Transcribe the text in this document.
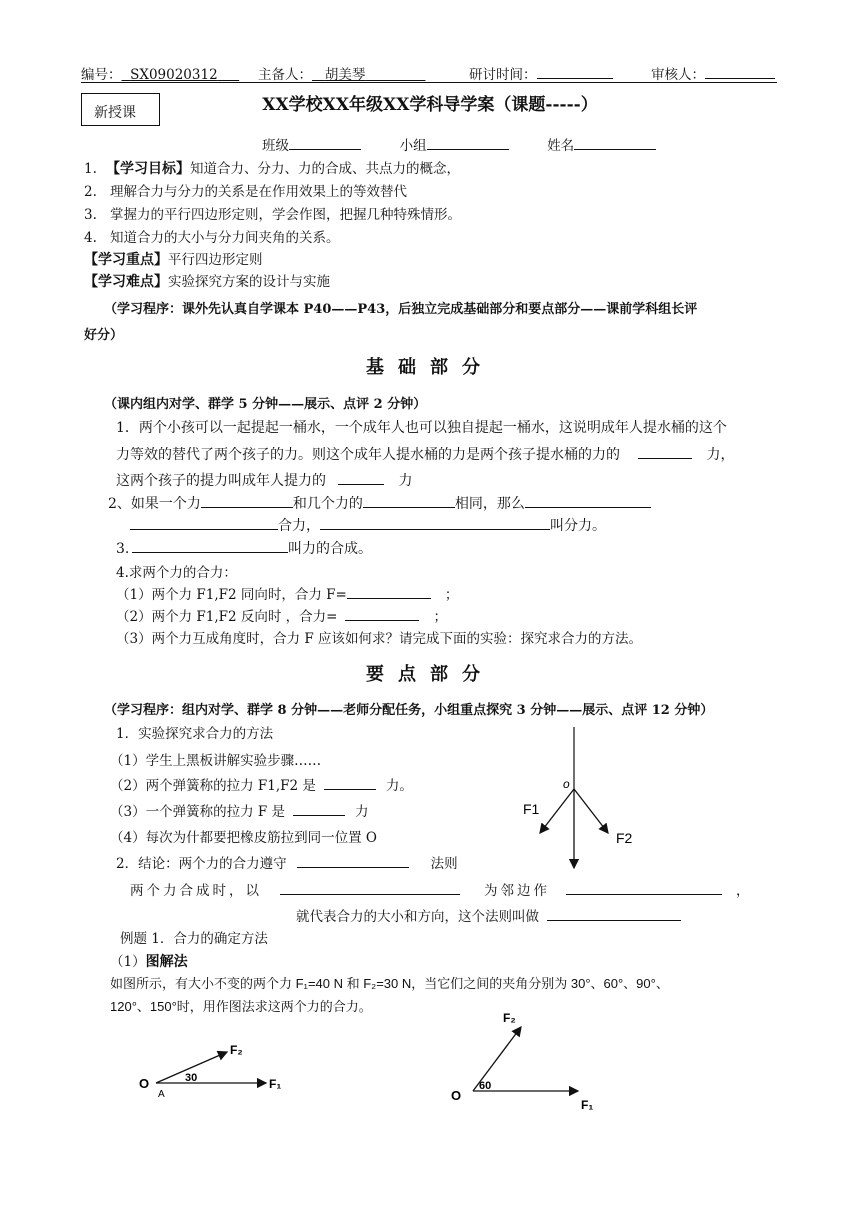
编号： SX09020312	主备人： 胡美琴	研讨时间：	审核人：
新授课	XX学校XX年级XX学科导学案（课题-----）
班级	小组	姓名
1. 【学习目标】知道合力、分力、力的合成、共点力的概念，
2. 理解合力与分力的关系是在作用效果上的等效替代
3. 掌握力的平行四边形定则，学会作图，把握几种特殊情形。
4. 知道合力的大小与分力间夹角的关系。
【学习重点】平行四边形定则
【学习难点】实验探究方案的设计与实施
（学习程序：课外先认真自学课本 P40——P43，后独立完成基础部分和要点部分——课前学科组长评
好分）
基础部分
（课内组内对学、群学 5 分钟——展示、点评 2 分钟）
1．两个小孩可以一起提起一桶水，一个成年人也可以独自提起一桶水，这说明成年人提水桶的这个
力等效的替代了两个孩子的力。则这个成年人提水桶的力是两个孩子提水桶的力的	力，
这两个孩子的提力叫成年人提力的	力
2、如果一个力	和几个力的	相同，那么
合力，	叫分力。
3.	叫力的合成。
4.求两个力的合力：
（1）两个力 F1,F2 同向时，合力 F=	；
（2）两个力 F1,F2 反向时 ，合力=	；
（3）两个力互成角度时，合力 F 应该如何求？请完成下面的实验：探究求合力的方法。
要点部分
（学习程序：组内对学、群学 8 分钟——老师分配任务，小组重点探究 3 分钟——展示、点评 12 分钟）
1．实验探究求合力的方法
（1）学生上黑板讲解实验步骤……
（2）两个弹簧称的拉力 F1,F2 是	力。
（3）一个弹簧称的拉力 F 是	力
（4）每次为什都要把橡皮筋拉到同一位置 O
2．结论：两个力的合力遵守	法则
两个力合成时，以	为邻边作	，
就代表合力的大小和方向，这个法则叫做
例题 1．合力的确定方法
（1）图解法
如图所示，有大小不变的两个力 F₁=40 N 和 F₂=30 N，当它们之间的夹角分别为 30°、60°、90°、
120°、150°时，用作图法求这两个力的合力。
o
F1
F2
O
A
30
F₂
F₁
O
60
F₂
F₁
